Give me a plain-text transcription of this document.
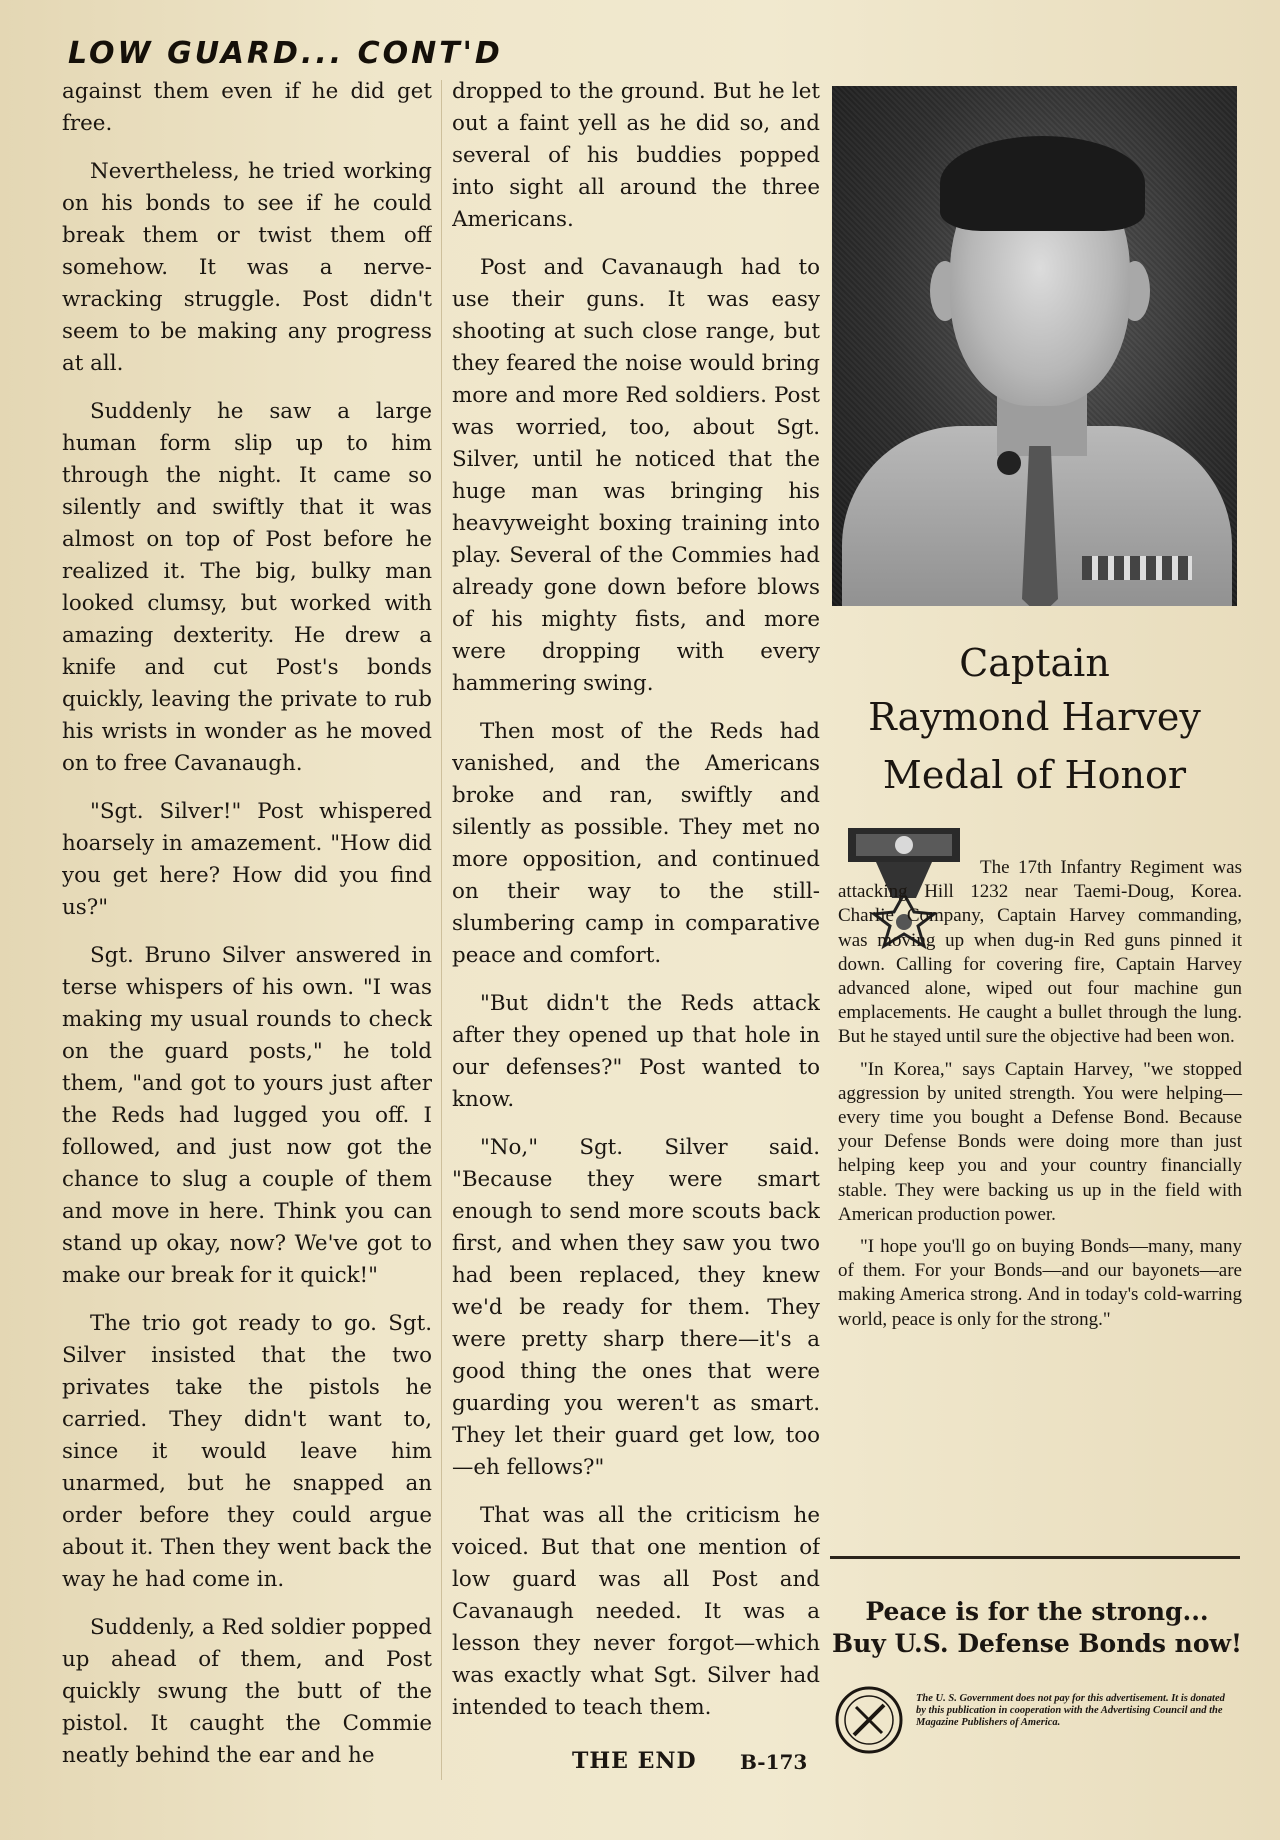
LOW GUARD... CONT'D

against them even if he did get free.

Nevertheless, he tried working on his bonds to see if he could break them or twist them off somehow. It was a nerve-wracking struggle. Post didn't seem to be making any progress at all.

Suddenly he saw a large human form slip up to him through the night. It came so silently and swiftly that it was almost on top of Post before he realized it. The big, bulky man looked clumsy, but worked with amazing dexterity. He drew a knife and cut Post's bonds quickly, leaving the private to rub his wrists in wonder as he moved on to free Cavanaugh.

"Sgt. Silver!" Post whispered hoarsely in amazement. "How did you get here? How did you find us?"

Sgt. Bruno Silver answered in terse whispers of his own. "I was making my usual rounds to check on the guard posts," he told them, "and got to yours just after the Reds had lugged you off. I followed, and just now got the chance to slug a couple of them and move in here. Think you can stand up okay, now? We've got to make our break for it quick!"

The trio got ready to go. Sgt. Silver insisted that the two privates take the pistols he carried. They didn't want to, since it would leave him unarmed, but he snapped an order before they could argue about it. Then they went back the way he had come in.

Suddenly, a Red soldier popped up ahead of them, and Post quickly swung the butt of the pistol. It caught the Commie neatly behind the ear and he

dropped to the ground. But he let out a faint yell as he did so, and several of his buddies popped into sight all around the three Americans.

Post and Cavanaugh had to use their guns. It was easy shooting at such close range, but they feared the noise would bring more and more Red soldiers. Post was worried, too, about Sgt. Silver, until he noticed that the huge man was bringing his heavyweight boxing training into play. Several of the Commies had already gone down before blows of his mighty fists, and more were dropping with every hammering swing.

Then most of the Reds had vanished, and the Americans broke and ran, swiftly and silently as possible. They met no more opposition, and continued on their way to the still-slumbering camp in comparative peace and comfort.

"But didn't the Reds attack after they opened up that hole in our defenses?" Post wanted to know.

"No," Sgt. Silver said. "Because they were smart enough to send more scouts back first, and when they saw you two had been replaced, they knew we'd be ready for them. They were pretty sharp there—it's a good thing the ones that were guarding you weren't as smart. They let their guard get low, too—eh fellows?"

That was all the criticism he voiced. But that one mention of low guard was all Post and Cavanaugh needed. It was a lesson they never forgot—which was exactly what Sgt. Silver had intended to teach them.

Captain
Raymond Harvey
Medal of Honor

The 17th Infantry Regiment was attacking Hill 1232 near Taemi-Doug, Korea. Charlie Company, Captain Harvey commanding, was moving up when dug-in Red guns pinned it down. Calling for covering fire, Captain Harvey advanced alone, wiped out four machine gun emplacements. He caught a bullet through the lung. But he stayed until sure the objective had been won.

"In Korea," says Captain Harvey, "we stopped aggression by united strength. You were helping—every time you bought a Defense Bond. Because your Defense Bonds were doing more than just helping keep you and your country financially stable. They were backing us up in the field with American production power.

"I hope you'll go on buying Bonds—many, many of them. For your Bonds—and our bayonets—are making America strong. And in today's cold-warring world, peace is only for the strong."

Peace is for the strong...
Buy U.S. Defense Bonds now!
The U. S. Government does not pay for this advertisement. It is donated by this publication in cooperation with the Advertising Council and the Magazine Publishers of America.
THE END B-173
